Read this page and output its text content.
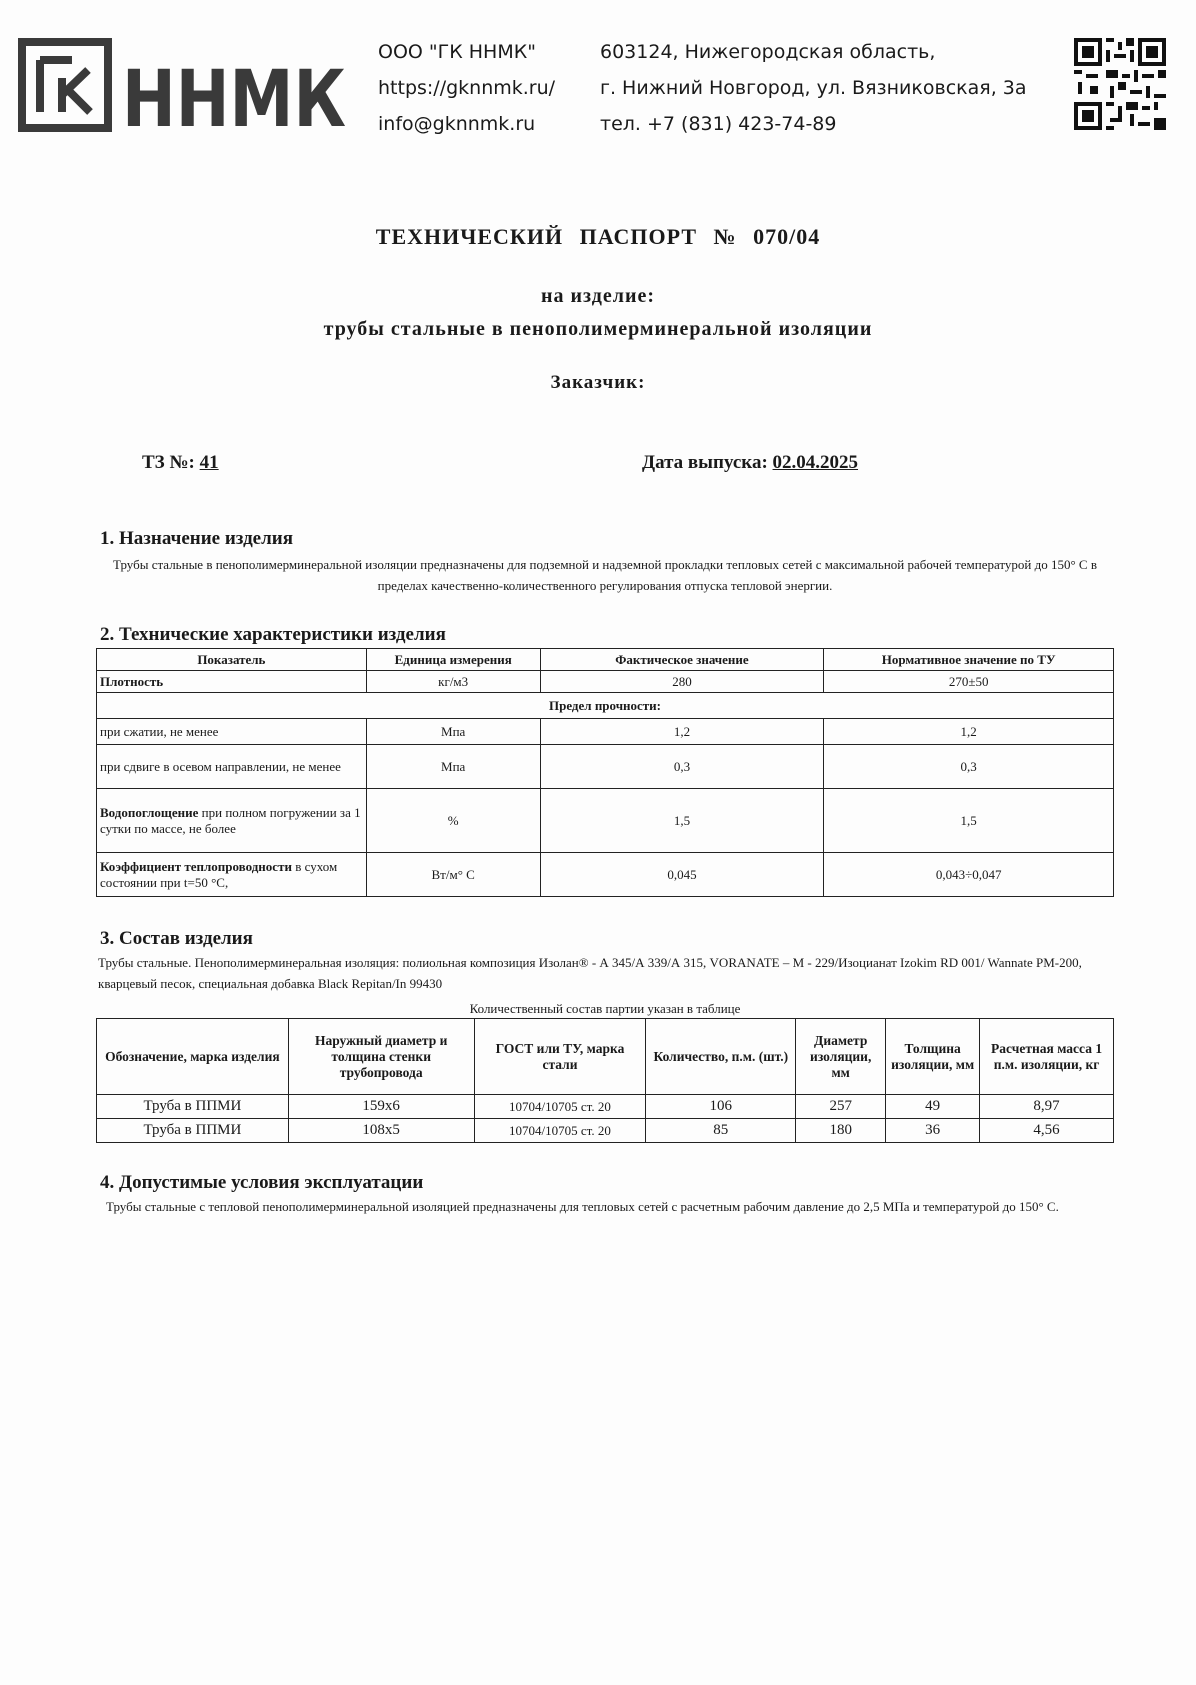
ННМК
ООО "ГК ННМК"
https://gknnmk.ru/
info@gknnmk.ru
603124, Нижегородская область,
г. Нижний Новгород, ул. Вязниковская, 3а
тел. +7 (831) 423-74-89
ТЕХНИЧЕСКИЙ ПАСПОРТ № 070/04
на изделие:
трубы стальные в пенополимерминеральной изоляции
Заказчик:
ТЗ №: 41	Дата выпуска: 02.04.2025
1. Назначение изделия
Трубы стальные в пенополимерминеральной изоляции предназначены для подземной и надземной прокладки тепловых сетей с максимальной рабочей температурой до 150° С в пределах качественно-количественного регулирования отпуска тепловой энергии.
2. Технические характеристики изделия
Показатель	Единица измерения	Фактическое значение	Нормативное значение по ТУ
Плотность	кг/м3	280	270±50
Предел прочности:			
при сжатии, не менее	Мпа	1,2	1,2
при сдвиге в осевом направлении, не менее	Мпа	0,3	0,3
Водопоглощение при полном погружении за 1 сутки по массе, не более	%	1,5	1,5
Коэффициент теплопроводности в сухом состоянии при t=50 °С,	Вт/м° С	0,045	0,043÷0,047
3. Состав изделия
Трубы стальные. Пенополимерминеральная изоляция: полиольная композиция Изолан® - А 345/А 339/А 315, VORANATE – M - 229/Изоцианат Izokim RD 001/ Wannate PM-200, кварцевый песок, специальная добавка Black Repitan/In 99430
Количественный состав партии указан в таблице
Обозначение, марка изделия	Наружный диаметр и толщина стенки трубопровода	ГОСТ или ТУ, марка стали	Количество, п.м. (шт.)	Диаметр изоляции, мм	Толщина изоляции, мм	Расчетная масса 1 п.м. изоляции, кг
Труба в ППМИ	159х6	10704/10705 ст. 20	106	257	49	8,97
Труба в ППМИ	108х5	10704/10705 ст. 20	85	180	36	4,56
4. Допустимые условия эксплуатации
Трубы стальные с тепловой пенополимерминеральной изоляцией предназначены для тепловых сетей с расчетным рабочим давление до 2,5 МПа и температурой до 150° С.
